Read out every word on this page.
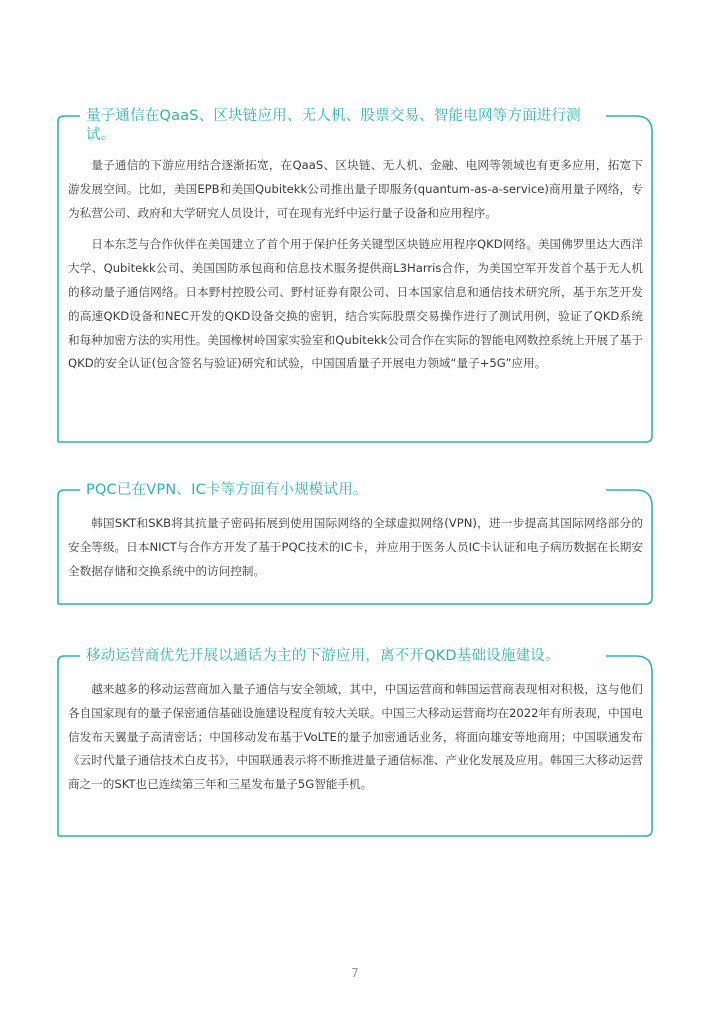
量子通信在QaaS、区块链应用、无人机、股票交易、智能电网等方面进行测试。

量子通信的下游应用结合逐渐拓宽，在QaaS、区块链、无人机、金融、电网等领域也有更多应用，拓宽下游发展空间。比如，美国EPB和美国Qubitekk公司推出量子即服务(quantum-as-a-service)商用量子网络，专为私营公司、政府和大学研究人员设计，可在现有光纤中运行量子设备和应用程序。

日本东芝与合作伙伴在美国建立了首个用于保护任务关键型区块链应用程序QKD网络。美国佛罗里达大西洋大学、Qubitekk公司、美国国防承包商和信息技术服务提供商L3Harris合作，为美国空军开发首个基于无人机的移动量子通信网络。日本野村控股公司、野村证券有限公司、日本国家信息和通信技术研究所，基于东芝开发的高速QKD设备和NEC开发的QKD设备交换的密钥，结合实际股票交易操作进行了测试用例，验证了QKD系统和每种加密方法的实用性。美国橡树岭国家实验室和Qubitekk公司合作在实际的智能电网数控系统上开展了基于QKD的安全认证(包含签名与验证)研究和试验，中国国盾量子开展电力领域“量子+5G”应用。

PQC已在VPN、IC卡等方面有小规模试用。

韩国SKT和SKB将其抗量子密码拓展到使用国际网络的全球虚拟网络(VPN)，进一步提高其国际网络部分的安全等级。日本NICT与合作方开发了基于PQC技术的IC卡，并应用于医务人员IC卡认证和电子病历数据在长期安全数据存储和交换系统中的访问控制。

移动运营商优先开展以通话为主的下游应用，离不开QKD基础设施建设。

越来越多的移动运营商加入量子通信与安全领域，其中，中国运营商和韩国运营商表现相对积极，这与他们各自国家现有的量子保密通信基础设施建设程度有较大关联。中国三大移动运营商均在2022年有所表现，中国电信发布天翼量子高清密话；中国移动发布基于VoLTE的量子加密通话业务，将面向雄安等地商用；中国联通发布《云时代量子通信技术白皮书》，中国联通表示将不断推进量子通信标准、产业化发展及应用。韩国三大移动运营商之一的SKT也已连续第三年和三星发布量子5G智能手机。

7
